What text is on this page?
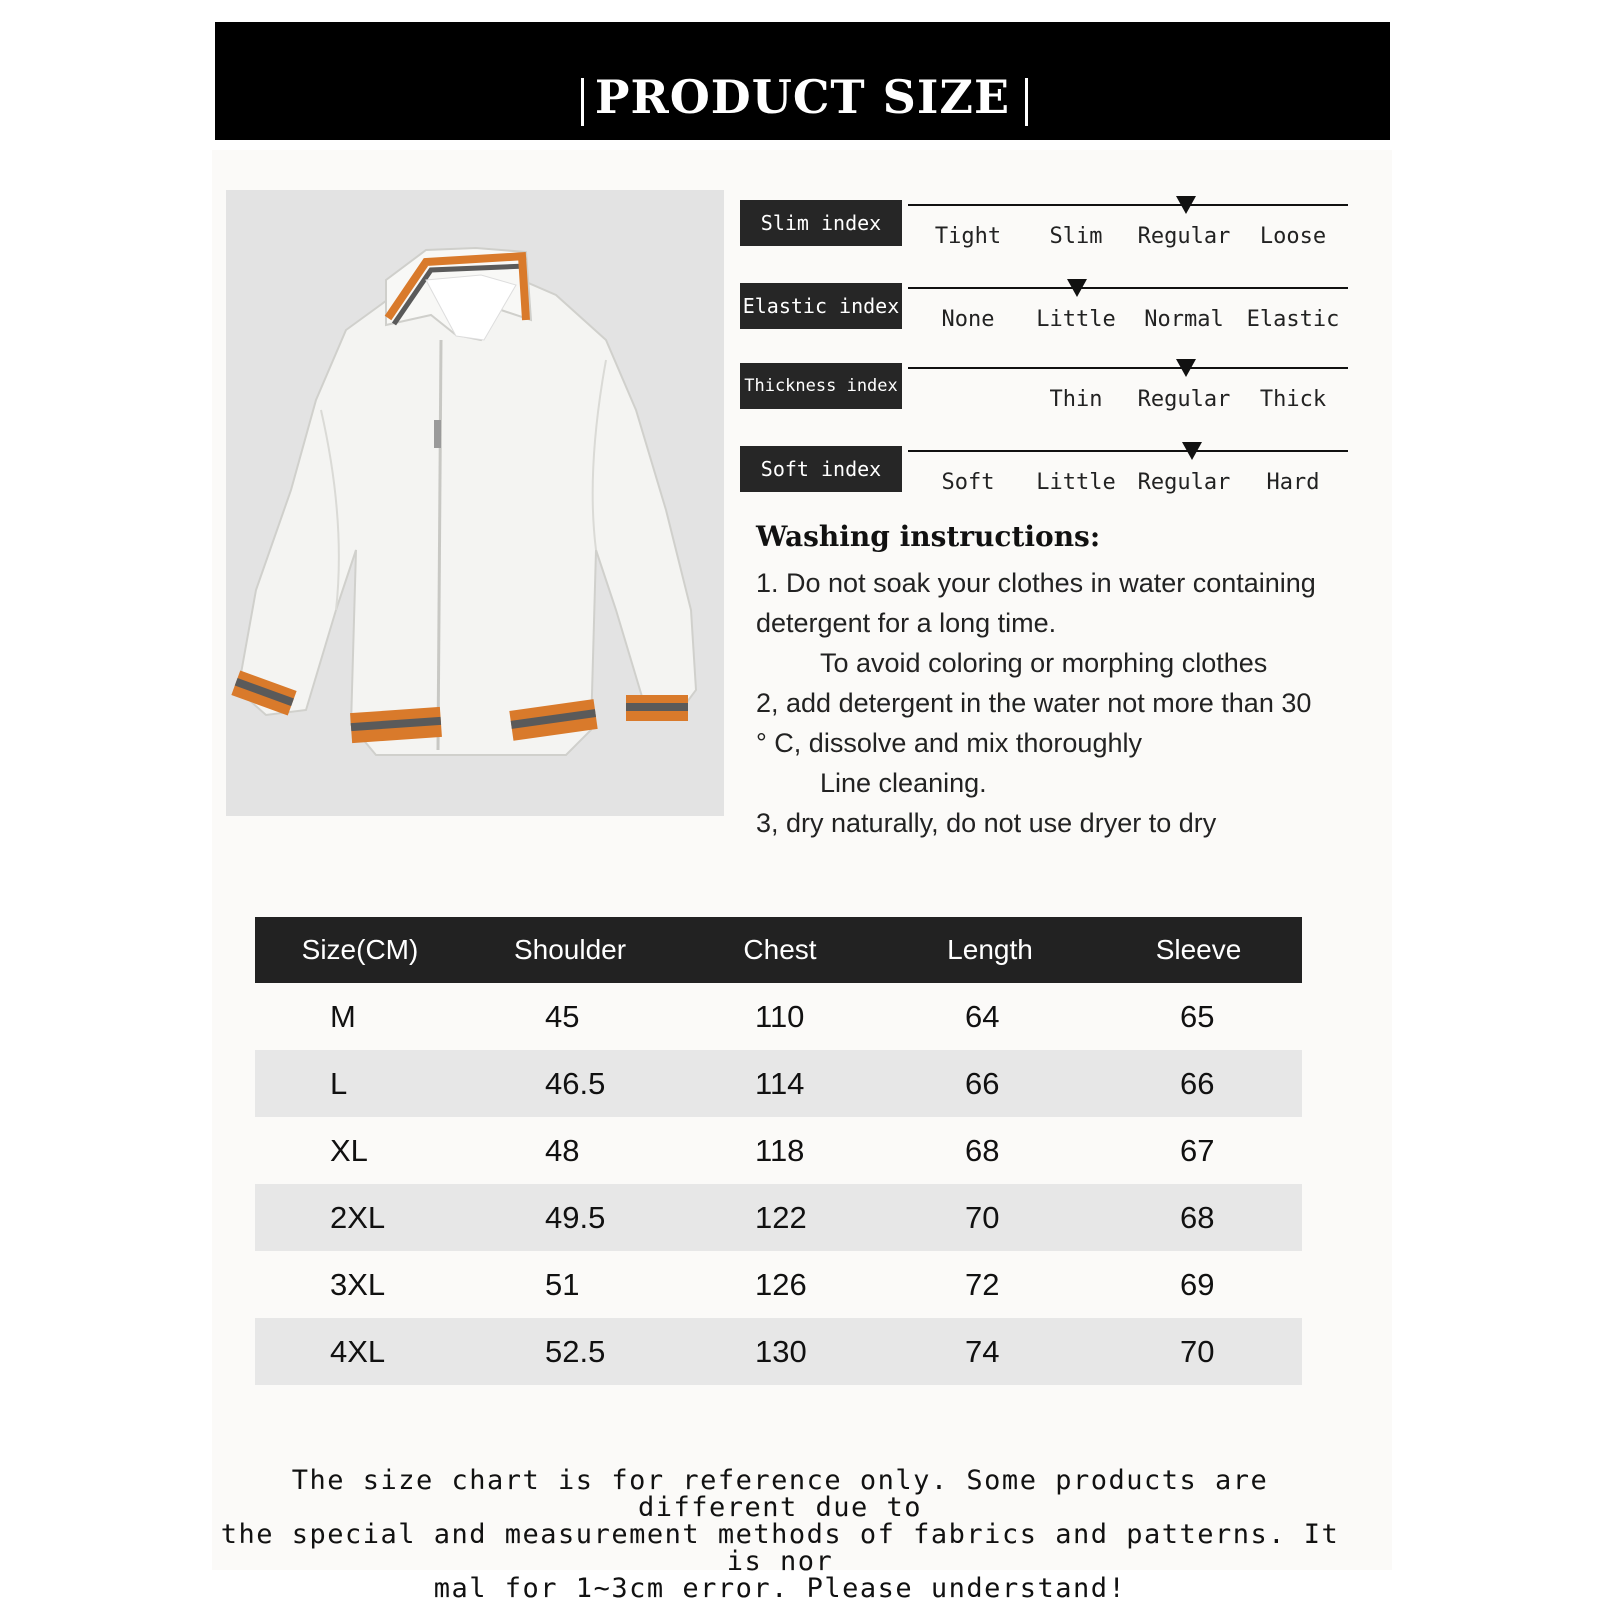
PRODUCT SIZE
Slim index
Tight	Slim	Regular	Loose
Elastic index
None	Little	Normal	Elastic
Thickness index
Thin	Regular	Thick
Soft index
Soft	Little Regular	Hard
Washing instructions:
1. Do not soak your clothes in water containing
detergent for a long time.
To avoid coloring or morphing clothes
2, add detergent in the water not more than 30
° C, dissolve and mix thoroughly
Line cleaning.
3, dry naturally, do not use dryer to dry
Size(CM)	Shoulder	Chest	Length	Sleeve
M	45	110	64	65
L	46.5	114	66	66
XL	48	118	68	67
2XL	49.5	122	70	68
3XL	51	126	72	69
4XL	52.5	130	74	70
The size chart is for reference only. Some products are different due to
the special and measurement methods of fabrics and patterns. It is nor
mal for 1~3cm error. Please understand!
